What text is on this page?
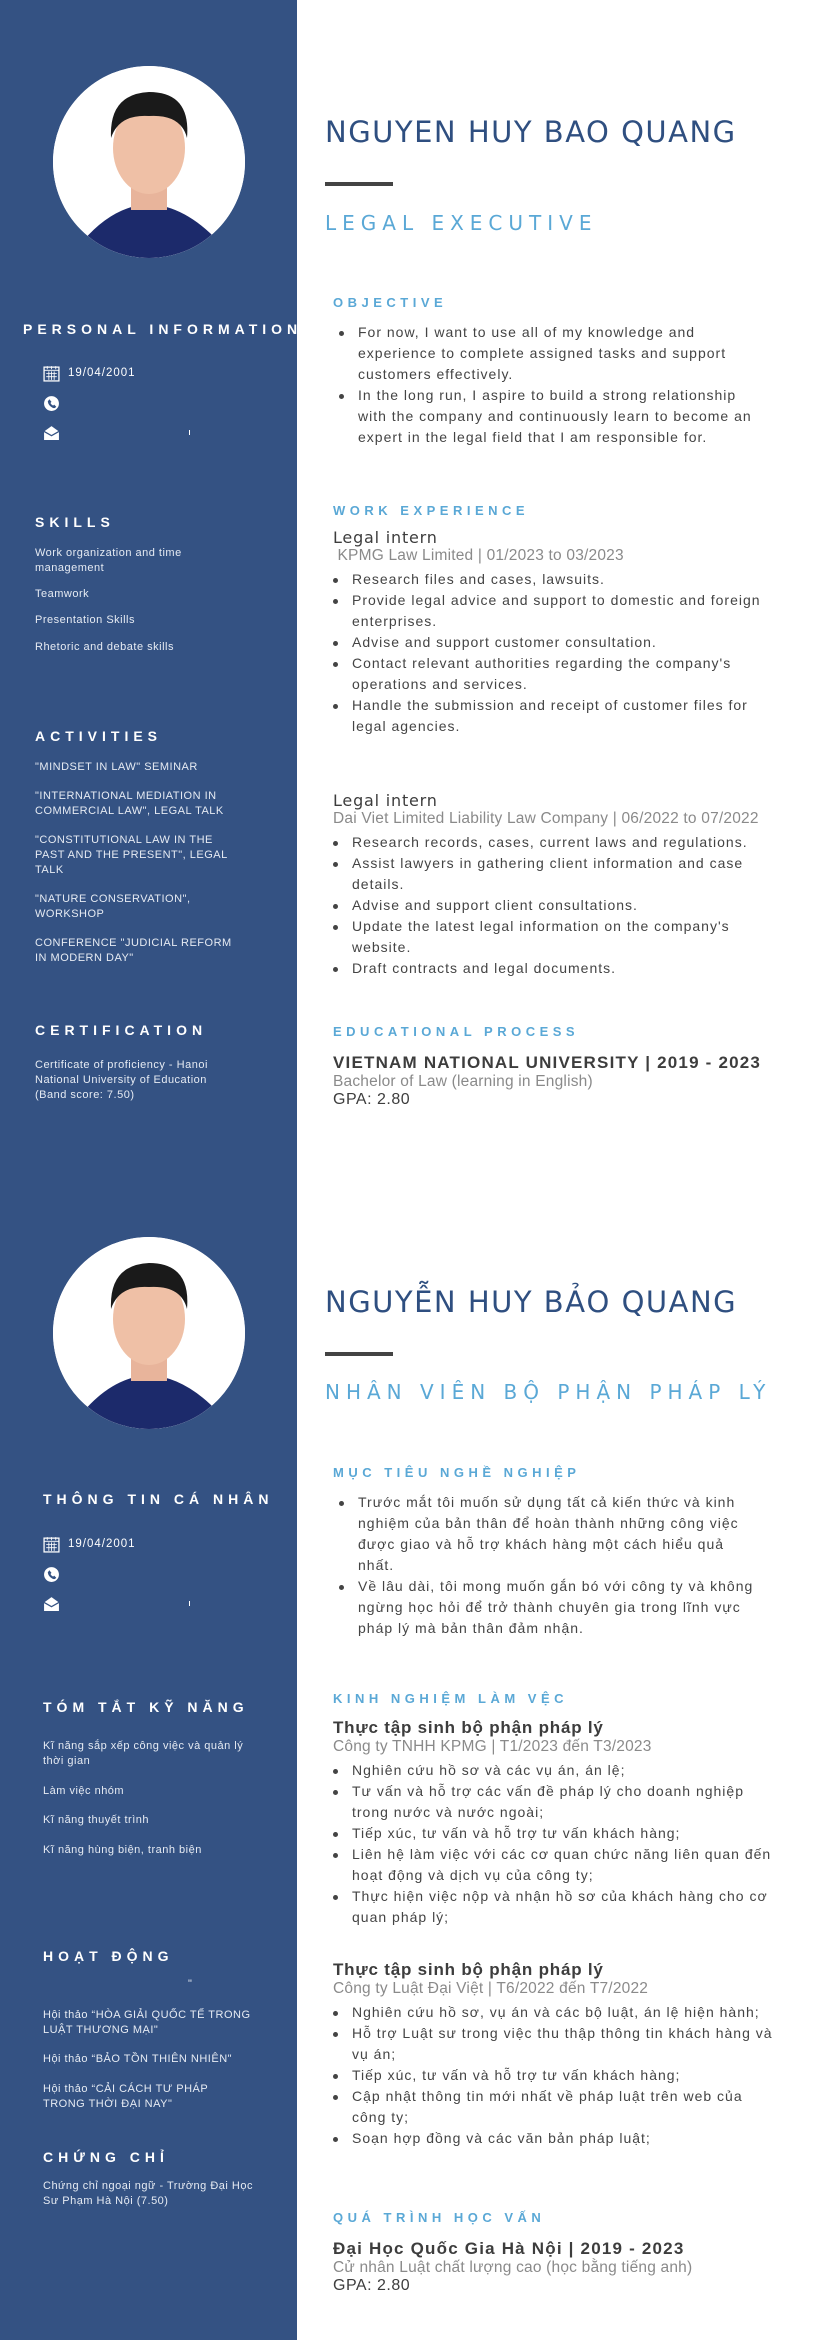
NGUYEN HUY BAO QUANG
LEGAL EXECUTIVE
PERSONAL INFORMATION
19/04/2001
SKILLS
Work organization and time management
Teamwork
Presentation Skills
Rhetoric and debate skills
ACTIVITIES
"MINDSET IN LAW" SEMINAR
"INTERNATIONAL MEDIATION IN COMMERCIAL LAW", LEGAL TALK
"CONSTITUTIONAL LAW IN THE PAST AND THE PRESENT", LEGAL TALK
"NATURE CONSERVATION", WORKSHOP
CONFERENCE "JUDICIAL REFORM IN MODERN DAY"
CERTIFICATION
Certificate of proficiency - Hanoi National University of Education (Band score: 7.50)
OBJECTIVE
For now, I want to use all of my knowledge and experience to complete assigned tasks and support customers effectively.
In the long run, I aspire to build a strong relationship with the company and continuously learn to become an expert in the legal field that I am responsible for.
WORK EXPERIENCE
Legal intern
KPMG Law Limited | 01/2023 to 03/2023
Research files and cases, lawsuits.
Provide legal advice and support to domestic and foreign enterprises.
Advise and support customer consultation.
Contact relevant authorities regarding the company's operations and services.
Handle the submission and receipt of customer files for legal agencies.
Legal intern
Dai Viet Limited Liability Law Company | 06/2022 to 07/2022
Research records, cases, current laws and regulations.
Assist lawyers in gathering client information and case details.
Advise and support client consultations.
Update the latest legal information on the company's website.
Draft contracts and legal documents.
EDUCATIONAL PROCESS
VIETNAM NATIONAL UNIVERSITY | 2019 - 2023
Bachelor of Law (learning in English)
GPA: 2.80
NGUYỄN HUY BẢO QUANG
NHÂN VIÊN BỘ PHẬN PHÁP LÝ
THÔNG TIN CÁ NHÂN
19/04/2001
TÓM TẮT KỸ NĂNG
Kĩ năng sắp xếp công việc và quản lý thời gian
Làm việc nhóm
Kĩ năng thuyết trình
Kĩ năng hùng biện, tranh biện
HOẠT ĐỘNG
"
Hội thảo “HÒA GIẢI QUỐC TẾ TRONG LUẬT THƯƠNG MẠI"
Hội thảo “BẢO TỒN THIÊN NHIÊN"
Hội thảo “CẢI CÁCH TƯ PHÁP TRONG THỜI ĐẠI NAY"
CHỨNG CHỈ
Chứng chỉ ngoại ngữ - Trường Đại Học Sư Phạm Hà Nội (7.50)
MỤC TIÊU NGHỀ NGHIỆP
Trước mắt tôi muốn sử dụng tất cả kiến thức và kinh nghiệm của bản thân để hoàn thành những công việc được giao và hỗ trợ khách hàng một cách hiểu quả nhất.
Về lâu dài, tôi mong muốn gắn bó với công ty và không ngừng học hỏi để trở thành chuyên gia trong lĩnh vực pháp lý mà bản thân đảm nhận.
KINH NGHIỆM LÀM VỆC
Thực tập sinh bộ phận pháp lý
Công ty TNHH KPMG | T1/2023 đến T3/2023
Nghiên cứu hồ sơ và các vụ án, án lệ;
Tư vấn và hỗ trợ các vấn đề pháp lý cho doanh nghiệp trong nước và nước ngoài;
Tiếp xúc, tư vấn và hỗ trợ tư vấn khách hàng;
Liên hệ làm việc với các cơ quan chức năng liên quan đến hoạt động và dịch vụ của công ty;
Thực hiện việc nộp và nhận hồ sơ của khách hàng cho cơ quan pháp lý;
Thực tập sinh bộ phận pháp lý
Công ty Luật Đại Việt | T6/2022 đến T7/2022
Nghiên cứu hồ sơ, vụ án và các bộ luật, án lệ hiện hành;
Hỗ trợ Luật sư trong việc thu thập thông tin khách hàng và vụ án;
Tiếp xúc, tư vấn và hỗ trợ tư vấn khách hàng;
Cập nhật thông tin mới nhất về pháp luật trên web của công ty;
Soạn hợp đồng và các văn bản pháp luật;
QUÁ TRÌNH HỌC VẤN
Đại Học Quốc Gia Hà Nội | 2019 - 2023
Cử nhân Luật chất lượng cao (học bằng tiếng anh)
GPA: 2.80
